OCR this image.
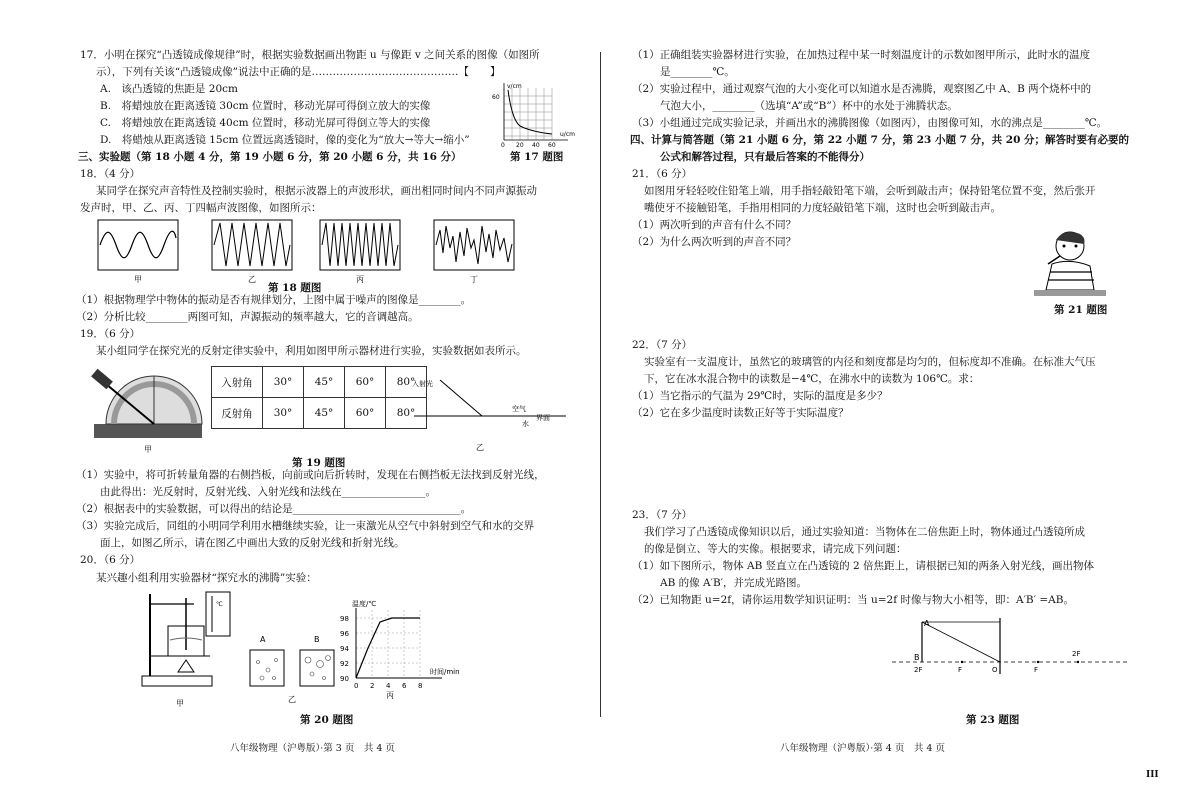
17．小明在探究“凸透镜成像规律”时，根据实验数据画出物距 u 与像距 v 之间关系的图像（如图所
示），下列有关该“凸透镜成像”说法中正确的是……………………………………【　　】
A.　该凸透镜的焦距是 20cm
B.　将蜡烛放在距离透镜 30cm 位置时，移动光屏可得倒立放大的实像
C.　将蜡烛放在距离透镜 40cm 位置时，移动光屏可得倒立等大的实像
D.　将蜡烛从距离透镜 15cm 位置远离透镜时，像的变化为“放大→等大→缩小”
v/cm
u/cm
60
0 20 40 60
第 17 题图
三、实验题（第 18 小题 4 分，第 19 小题 6 分，第 20 小题 6 分，共 16 分）
18．（4 分）
某同学在探究声音特性及控制实验时，根据示波器上的声波形状，画出相同时间内不同声源振动
发声时，甲、乙、丙、丁四幅声波图像，如图所示：
甲	乙	丙	丁
第 18 题图
（1）根据物理学中物体的振动是否有规律划分，上图中属于噪声的图像是________。
（2）分析比较________两图可知，声源振动的频率越大，它的音调越高。
19．（6 分）
某小组同学在探究光的反射定律实验中，利用如图甲所示器材进行实验，实验数据如表所示。
甲
入射角	30°	45°	60°	80°
反射角	30°	45°	60°	80°
入射光
空气
水
界面
乙
第 19 题图
（1）实验中，将可折转量角器的右侧挡板，向前或向后折转时，发现在右侧挡板无法找到反射光线，
由此得出：光反射时，反射光线、入射光线和法线在________________。
（2）根据表中的实验数据，可以得出的结论是________________________________。
（3）实验完成后，同组的小明同学利用水槽继续实验，让一束激光从空气中斜射到空气和水的交界
面上，如图乙所示，请在图乙中画出大致的反射光线和折射光线。
20．（6 分）
某兴趣小组利用实验器材“探究水的沸腾”实验：
℃
甲
A	B
乙
温度/℃
90
92
94
96
98
0 2 4 6 8
时间/min
丙
第 20 题图
八年级物理（沪粤版）·第 3 页　共 4 页
（1）正确组装实验器材进行实验，在加热过程中某一时刻温度计的示数如图甲所示，此时水的温度
是________℃。
（2）实验过程中，通过观察气泡的大小变化可以知道水是否沸腾，观察图乙中 A、B 两个烧杯中的
气泡大小，________（选填“A”或“B”）杯中的水处于沸腾状态。
（3）小组通过完成实验记录，并画出水的沸腾图像（如图丙），由图像可知，水的沸点是________℃。
四、计算与简答题（第 21 小题 6 分，第 22 小题 7 分，第 23 小题 7 分，共 20 分；解答时要有必要的
公式和解答过程，只有最后答案的不能得分）
21．（6 分）
如图用牙轻轻咬住铅笔上端，用手指轻敲铅笔下端，会听到敲击声；保持铅笔位置不变，然后张开
嘴使牙不接触铅笔，手指用相同的力度轻敲铅笔下端，这时也会听到敲击声。
（1）两次听到的声音有什么不同？
（2）为什么两次听到的声音不同？
第 21 题图
22．（7 分）
实验室有一支温度计，虽然它的玻璃管的内径和刻度都是均匀的，但标度却不准确。在标准大气压
下，它在冰水混合物中的读数是−4℃，在沸水中的读数为 106℃。求：
（1）当它指示的气温为 29℃时，实际的温度是多少？
（2）它在多少温度时读数正好等于实际温度？
23．（7 分）
我们学习了凸透镜成像知识以后，通过实验知道：当物体在二倍焦距上时，物体通过凸透镜所成
的像是倒立、等大的实像。根据要求，请完成下列问题：
（1）如下图所示，物体 AB 竖直立在凸透镜的 2 倍焦距上，请根据已知的两条入射光线，画出物体
AB 的像 A′B′，并完成光路图。
（2）已知物距 u=2f，请你运用数学知识证明：当 u=2f 时像与物大小相等，即：A′B′ =AB。
A
B
2F	F	O	F
2F
第 23 题图
八年级物理（沪粤版）·第 4 页　共 4 页
III
